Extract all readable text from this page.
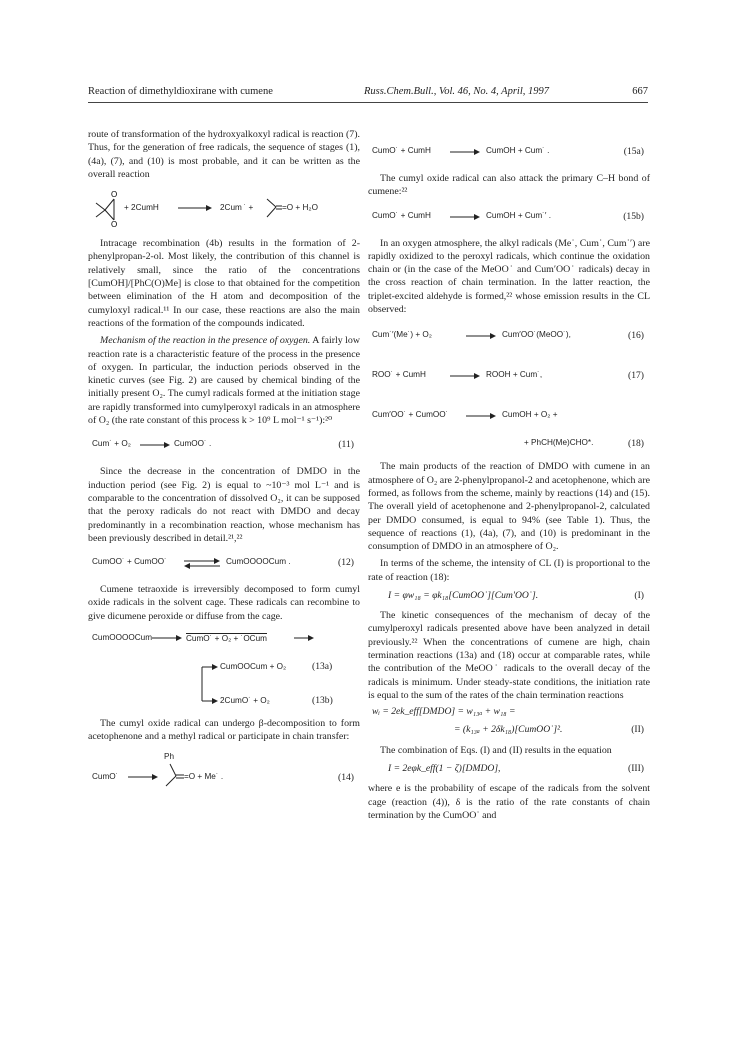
Reaction of dimethyldioxirane with cumene	Russ.Chem.Bull., Vol. 46, No. 4, April, 1997	667

route of transformation of the hydroxyalkoxyl radical is reaction (7). Thus, for the generation of free radicals, the sequence of stages (1), (4a), (7), and (10) is most probable, and it can be written as the overall reaction

O
O
+ 2CumH → 2Cum ˙ +	=O + H₂O

Intracage recombination (4b) results in the formation of 2-phenylpropan-2-ol. Most likely, the contribution of this channel is relatively small, since the ratio of the concentrations [CumOH]/[PhC(O)Me] is close to that obtained for the competition between elimination of the H atom and decomposition of the cumyloxyl radical.¹¹ In our case, these reactions are also the main reactions of the formation of the compounds indicated.

Mechanism of the reaction in the presence of oxygen. A fairly low reaction rate is a characteristic feature of the process in the presence of oxygen. In particular, the induction periods observed in the kinetic curves (see Fig. 2) are caused by chemical binding of the initially present O₂. The cumyl radicals formed at the initiation stage are rapidly transformed into cumylperoxyl radicals in an atmosphere of O₂ (the rate constant of this process k > 10⁹ L mol⁻¹ s⁻¹):²⁰

Cum˙ + O₂ → CumOO˙ .	(11)

Since the decrease in the concentration of DMDO in the induction period (see Fig. 2) is equal to ~10⁻³ mol L⁻¹ and is comparable to the concentration of dissolved O₂, it can be supposed that the peroxy radicals do not react with DMDO and decay predominantly in a recombination reaction, whose mechanism has been previously described in detail.²¹,²²

CumOO˙ + CumOO˙ ⇌ CumOOOOCum .	(12)

Cumene tetraoxide is irreversibly decomposed to form cumyl oxide radicals in the solvent cage. These radicals can recombine to give dicumene peroxide or diffuse from the cage.

CumOOOOCum → CumO˙ + O₂ + ˙OCum
CumOOCum + O₂	(13a)
2CumO˙ + O₂	(13b)

The cumyl oxide radical can undergo β-decomposition to form acetophenone and a methyl radical or participate in chain transfer:

CumO˙ →
Ph
=O + Me˙ .	(14)
CumO˙ + CumH → CumOH + Cum˙ .	(15a)

The cumyl oxide radical can also attack the primary C–H bond of cumene:²²

CumO˙ + CumH → CumOH + Cum˙′ .	(15b)

In an oxygen atmosphere, the alkyl radicals (Me˙, Cum˙, Cum˙′) are rapidly oxidized to the peroxyl radicals, which continue the oxidation chain or (in the case of the MeOO˙ and Cum′OO˙ radicals) decay in the cross reaction of chain termination. In the latter reaction, the triplet-excited aldehyde is formed,²² whose emission results in the CL observed:

Cum˙′(Me˙) + O₂ → Cum′OO˙(MeOO˙),	(16)
ROO˙ + CumH → ROOH + Cum˙,	(17)
Cum′OO˙ + CumOO˙ → CumOH + O₂ +
+ PhCH(Me)CHO*.	(18)

The main products of the reaction of DMDO with cumene in an atmosphere of O₂ are 2-phenylpropanol-2 and acetophenone, which are formed, as follows from the scheme, mainly by reactions (14) and (15). The overall yield of acetophenone and 2-phenylpropanol-2, calculated per DMDO consumed, is equal to 94% (see Table 1). Thus, the sequence of reactions (1), (4a), (7), and (10) is predominant in the consumption of DMDO in an atmosphere of O₂.

In terms of the scheme, the intensity of CL (I) is proportional to the rate of reaction (18):

I = φw₁₈ = φk₁₈[CumOO˙][Cum′OO˙].	(I)

The kinetic consequences of the mechanism of decay of the cumylperoxyl radicals presented above have been analyzed in detail previously.²² When the concentrations of cumene are high, chain termination reactions (13a) and (18) occur at comparable rates, while the contribution of the MeOO˙ radicals to the overall decay of the radicals is minimum. Under steady-state conditions, the initiation rate is equal to the sum of the rates of the chain termination reactions

wᵢ = 2ek_eff[DMDO] = w₁₃ₐ + w₁₈ =
= (k₁₃ₐ + 2δk₁₈)[CumOO˙]².	(II)

The combination of Eqs. (I) and (II) results in the equation

I = 2eφk_eff(1 − ζ)[DMDO],	(III)

where e is the probability of escape of the radicals from the solvent cage (reaction (4)), δ is the ratio of the rate constants of chain termination by the CumOO˙ and
